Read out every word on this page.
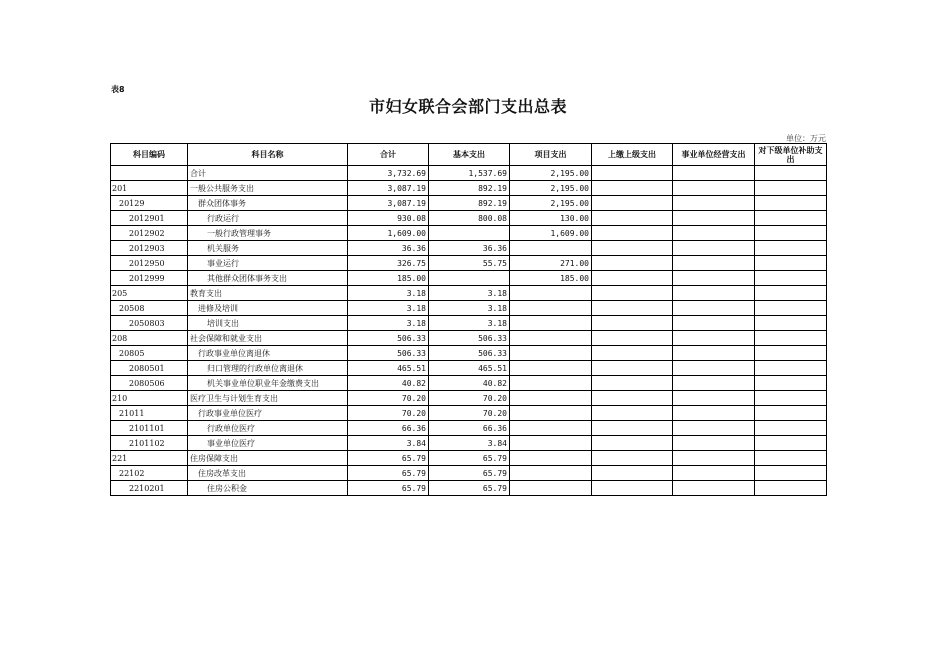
表8
市妇女联合会部门支出总表
单位：万元
科目编码	科目名称	合计	基本支出	项目支出	上缴上级支出	事业单位经营支出	对下级单位补助支出
	合计	3,732.69	1,537.69	2,195.00			
201	一般公共服务支出	3,087.19	892.19	2,195.00			
20129	群众团体事务	3,087.19	892.19	2,195.00			
2012901	行政运行	930.08	800.08	130.00			
2012902	一般行政管理事务	1,609.00		1,609.00			
2012903	机关服务	36.36	36.36				
2012950	事业运行	326.75	55.75	271.00			
2012999	其他群众团体事务支出	185.00		185.00			
205	教育支出	3.18	3.18				
20508	进修及培训	3.18	3.18				
2050803	培训支出	3.18	3.18				
208	社会保障和就业支出	506.33	506.33				
20805	行政事业单位离退休	506.33	506.33				
2080501	归口管理的行政单位离退休	465.51	465.51				
2080506	机关事业单位职业年金缴费支出	40.82	40.82				
210	医疗卫生与计划生育支出	70.20	70.20				
21011	行政事业单位医疗	70.20	70.20				
2101101	行政单位医疗	66.36	66.36				
2101102	事业单位医疗	3.84	3.84				
221	住房保障支出	65.79	65.79				
22102	住房改革支出	65.79	65.79				
2210201	住房公积金	65.79	65.79				
